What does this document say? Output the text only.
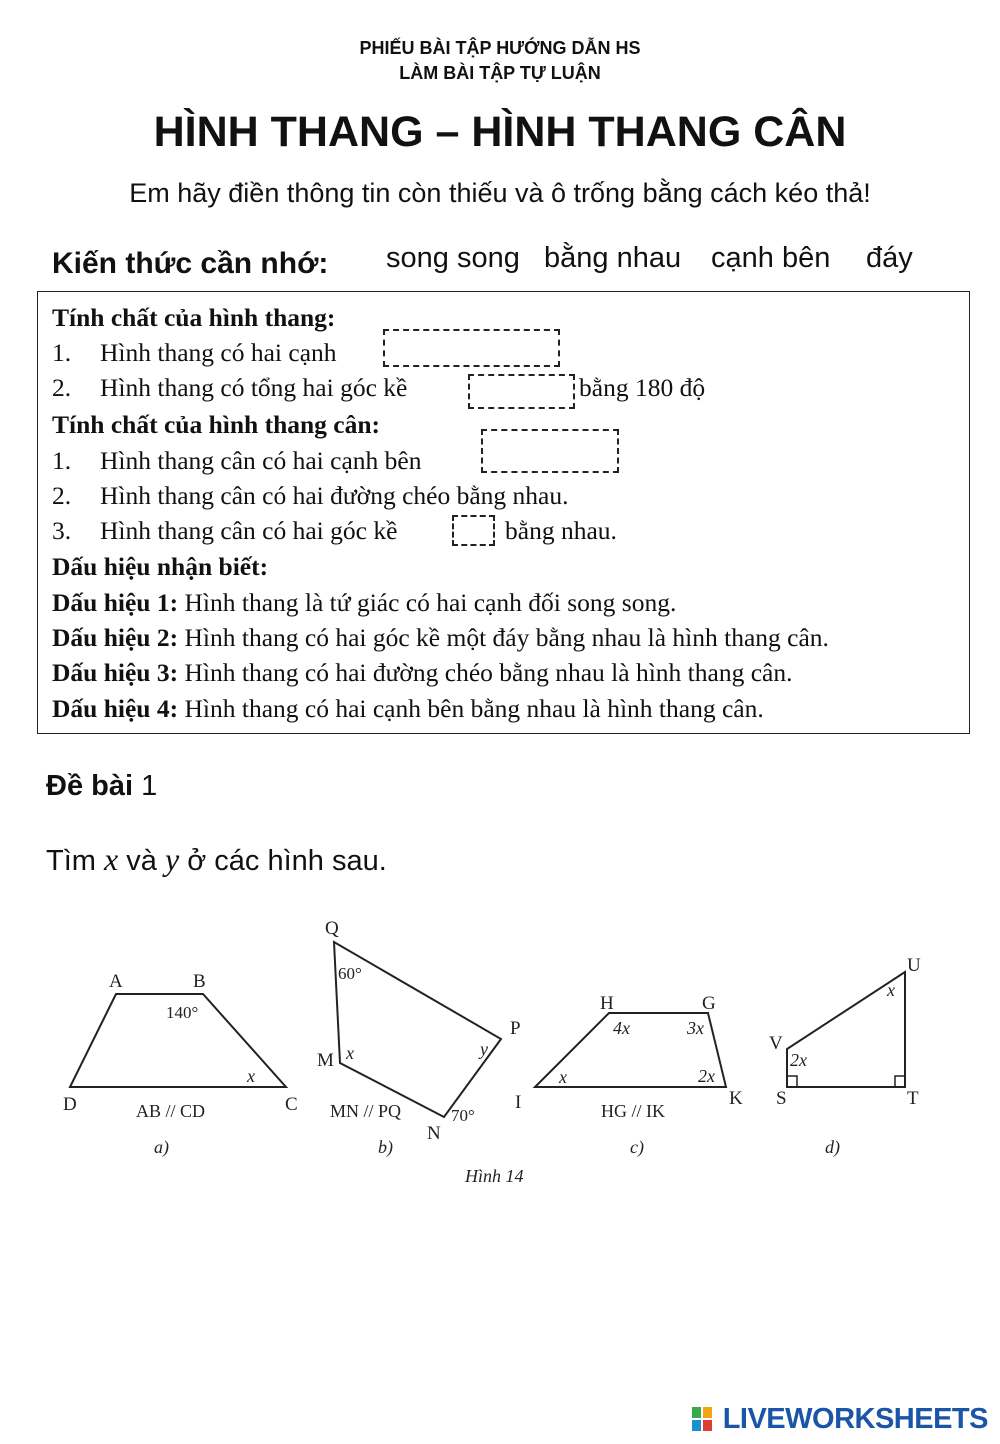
PHIẾU BÀI TẬP HƯỚNG DẪN HS
LÀM BÀI TẬP TỰ LUẬN
HÌNH THANG – HÌNH THANG CÂN
Em hãy điền thông tin còn thiếu và ô trống bằng cách kéo thả!
Kiến thức cần nhớ: song song bằng nhau cạnh bên đáy
Tính chất của hình thang:
1. Hình thang có hai cạnh
2. Hình thang có tổng hai góc kề	bằng 180 độ
Tính chất của hình thang cân:
1. Hình thang cân có hai cạnh bên
2. Hình thang cân có hai đường chéo bằng nhau.
3. Hình thang cân có hai góc kề	bằng nhau.
Dấu hiệu nhận biết:
Dấu hiệu 1: Hình thang là tứ giác có hai cạnh đối song song.
Dấu hiệu 2: Hình thang có hai góc kề một đáy bằng nhau là hình thang cân.
Dấu hiệu 3: Hình thang có hai đường chéo bằng nhau là hình thang cân.
Dấu hiệu 4: Hình thang có hai cạnh bên bằng nhau là hình thang cân.
Đề bài 1
Tìm x và y ở các hình sau.
A	B
C
D
140°
x
AB // CD
a)
Q
M
N
P
60°
x	y
70°
MN // PQ
b)
H	G
I	K
4x	3x
2x
x
HG // IK
c)
U
V
S	T
x
2x
d)
Hình 14
LIVEWORKSHEETS
